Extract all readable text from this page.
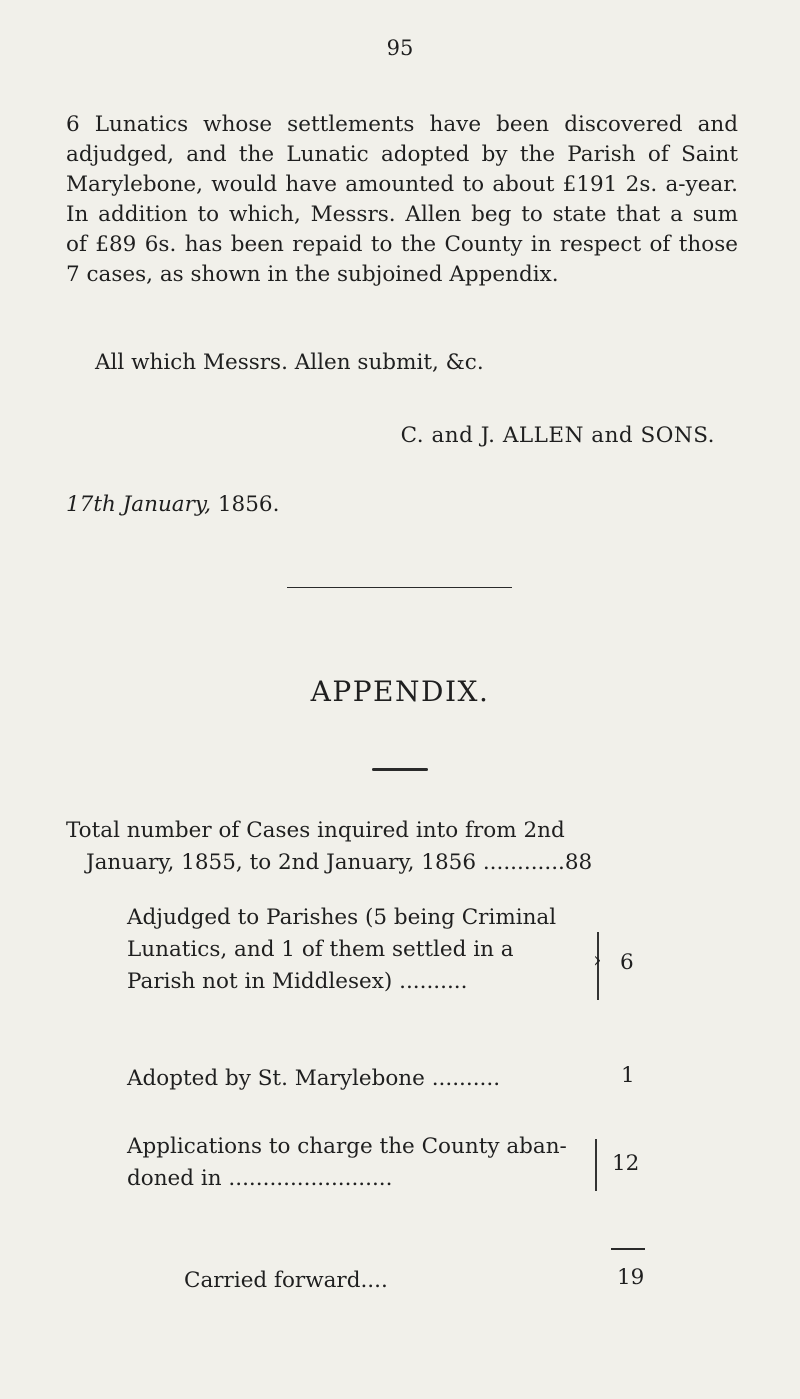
95
6 Lunatics whose settlements have been discovered and
adjudged, and the Lunatic adopted by the Parish of Saint
Marylebone, would have amounted to about £191 2s. a-year.
In addition to which, Messrs. Allen beg to state that a sum
of £89 6s. has been repaid to the County in respect of those
7 cases, as shown in the subjoined Appendix.
All which Messrs. Allen submit, &c.
C. and J. ALLEN and SONS.
17th January, 1856.
APPENDIX.
Total number of Cases inquired into from 2nd
January, 1855, to 2nd January, 1856 ............88
Adjudged to Parishes (5 being Criminal
Lunatics, and 1 of them settled in a
Parish not in Middlesex) ..........
› 6
Adopted by St. Marylebone ..........	1
Applications to charge the County aban-
doned in ........................
12
Carried forward....	19
